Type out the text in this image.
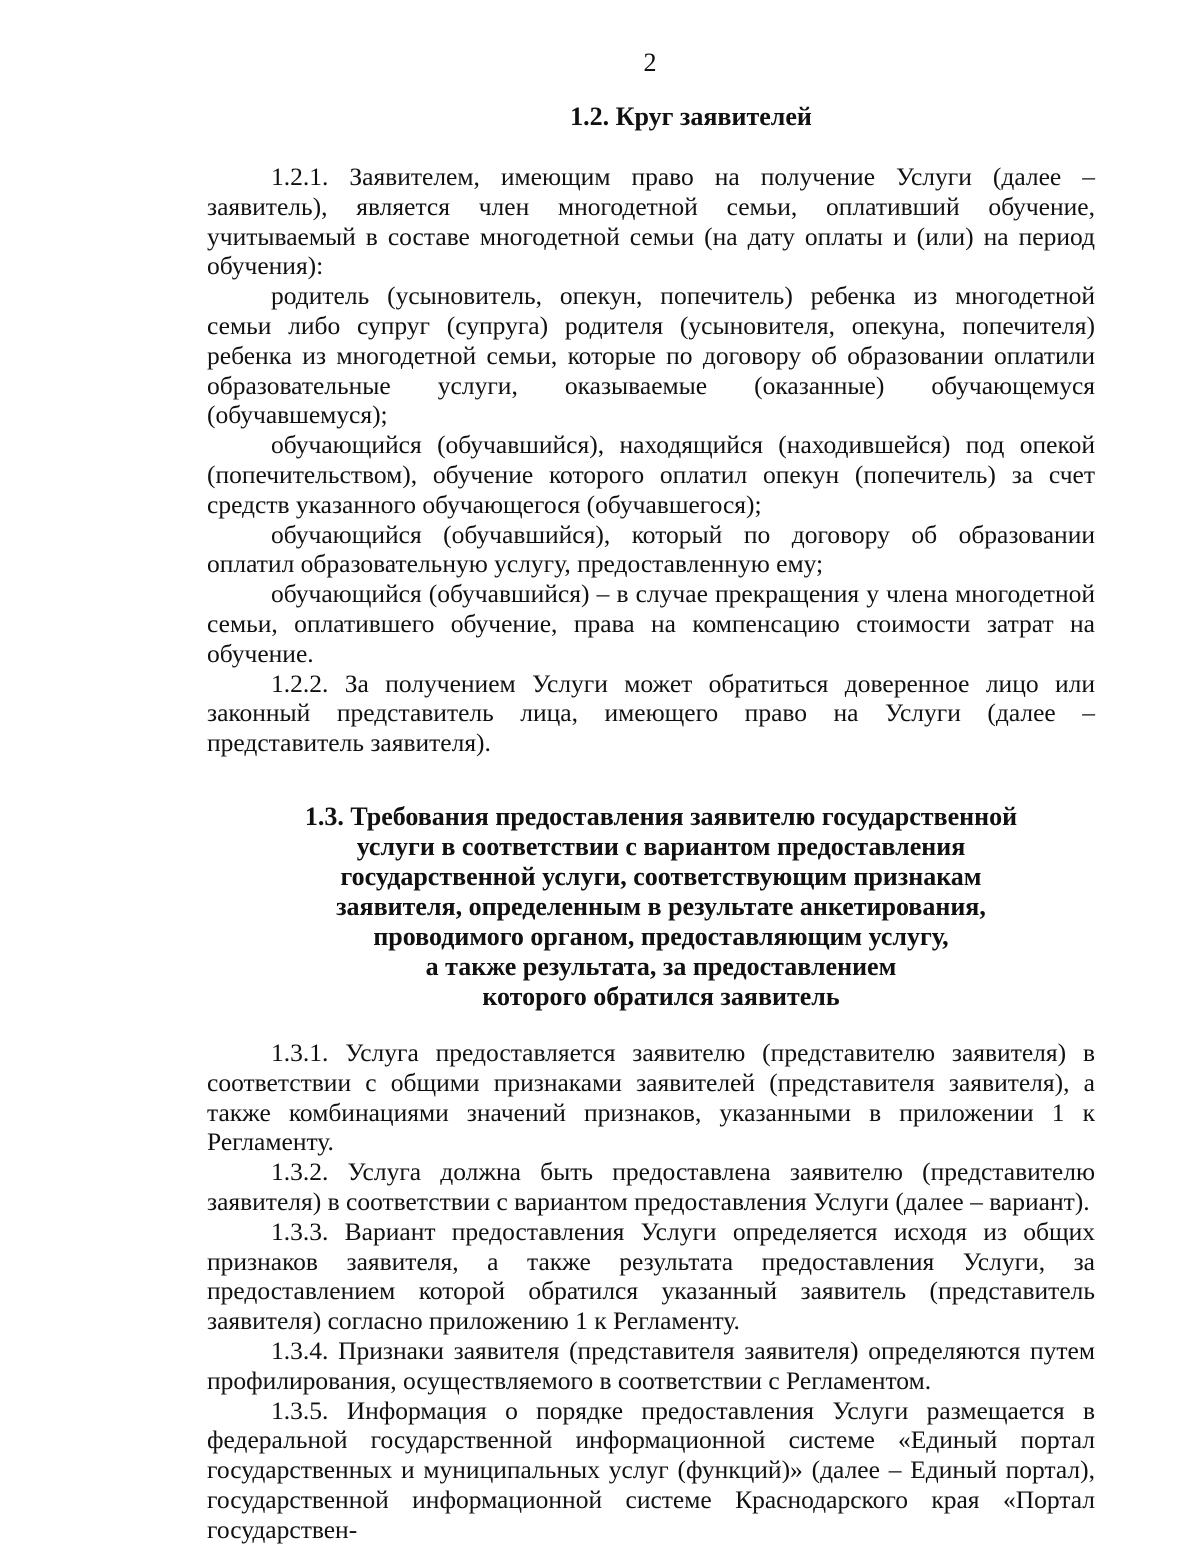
2
1.2. Круг заявителей

1.2.1. Заявителем, имеющим право на получение Услуги (далее – заявитель), является член многодетной семьи, оплативший обучение, учитываемый в составе многодетной семьи (на дату оплаты и (или) на период обучения):

родитель (усыновитель, опекун, попечитель) ребенка из многодетной семьи либо супруг (супруга) родителя (усыновителя, опекуна, попечителя) ребенка из многодетной семьи, которые по договору об образовании оплатили образовательные услуги, оказываемые (оказанные) обучающемуся (обучавшемуся);

обучающийся (обучавшийся), находящийся (находившейся) под опекой (попечительством), обучение которого оплатил опекун (попечитель) за счет средств указанного обучающегося (обучавшегося);

обучающийся (обучавшийся), который по договору об образовании оплатил образовательную услугу, предоставленную ему;

обучающийся (обучавшийся) – в случае прекращения у члена многодетной семьи, оплатившего обучение, права на компенсацию стоимости затрат на обучение.

1.2.2. За получением Услуги может обратиться доверенное лицо или законный представитель лица, имеющего право на Услуги (далее – представитель заявителя).

1.3. Требования предоставления заявителю государственной
услуги в соответствии с вариантом предоставления
государственной услуги, соответствующим признакам
заявителя, определенным в результате анкетирования,
проводимого органом, предоставляющим услугу,
а также результата, за предоставлением
которого обратился заявитель

1.3.1. Услуга предоставляется заявителю (представителю заявителя) в соответствии с общими признаками заявителей (представителя заявителя), а также комбинациями значений признаков, указанными в приложении 1 к Регламенту.

1.3.2. Услуга должна быть предоставлена заявителю (представителю заявителя) в соответствии с вариантом предоставления Услуги (далее – вариант).

1.3.3. Вариант предоставления Услуги определяется исходя из общих признаков заявителя, а также результата предоставления Услуги, за предоставлением которой обратился указанный заявитель (представитель заявителя) согласно приложению 1 к Регламенту.

1.3.4. Признаки заявителя (представителя заявителя) определяются путем профилирования, осуществляемого в соответствии с Регламентом.

1.3.5. Информация о порядке предоставления Услуги размещается в федеральной государственной информационной системе «Единый портал государственных и муниципальных услуг (функций)» (далее – Единый портал), государственной информационной системе Краснодарского края «Портал государствен-
